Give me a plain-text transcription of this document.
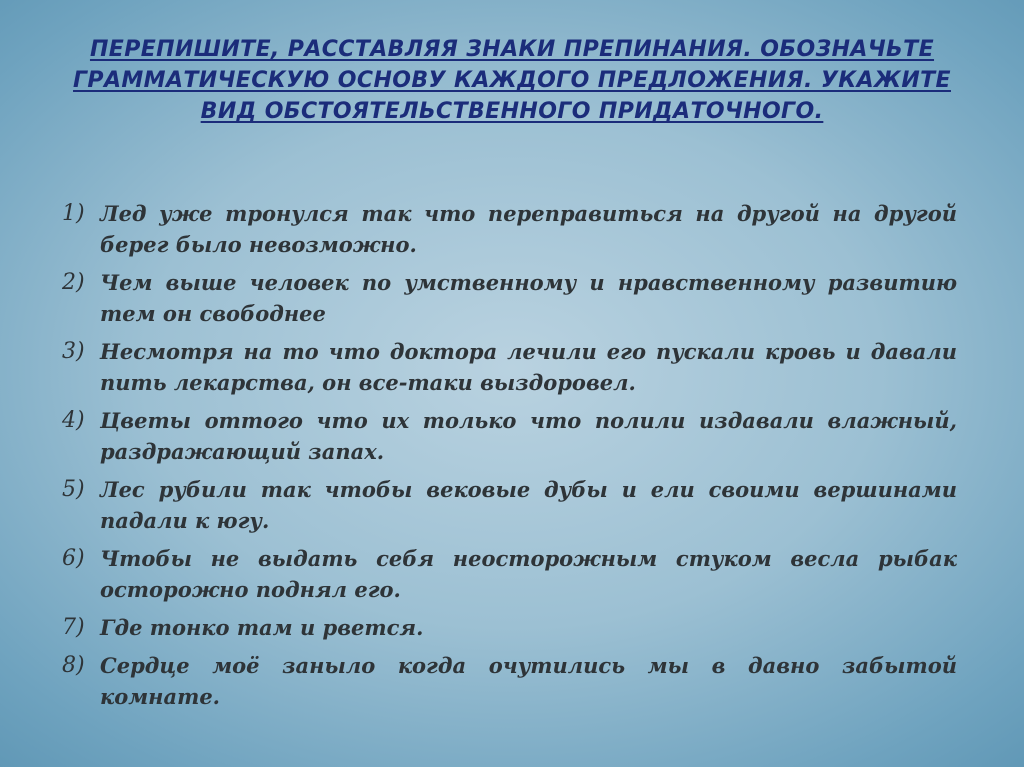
ПЕРЕПИШИТЕ, РАССТАВЛЯЯ ЗНАКИ ПРЕПИНАНИЯ. ОБОЗНАЧЬТЕ ГРАММАТИЧЕСКУЮ ОСНОВУ КАЖДОГО ПРЕДЛОЖЕНИЯ. УКАЖИТЕ ВИД ОБСТОЯТЕЛЬСТВЕННОГО ПРИДАТОЧНОГО.
1) Лед уже тронулся так что переправиться на другой на другой берег было невозможно.
2) Чем выше человек по умственному и нравственному развитию тем он свободнее
3) Несмотря на то что доктора лечили его пускали кровь и давали пить лекарства, он все-таки выздоровел.
4) Цветы оттого что их только что полили издавали влажный, раздражающий запах.
5) Лес рубили так чтобы вековые дубы и ели своими вершинами падали к югу.
6) Чтобы не выдать себя неосторожным стуком весла рыбак осторожно поднял его.
7) Где тонко там и рвется.
8) Сердце моё заныло когда очутились мы в давно забытой комнате.
